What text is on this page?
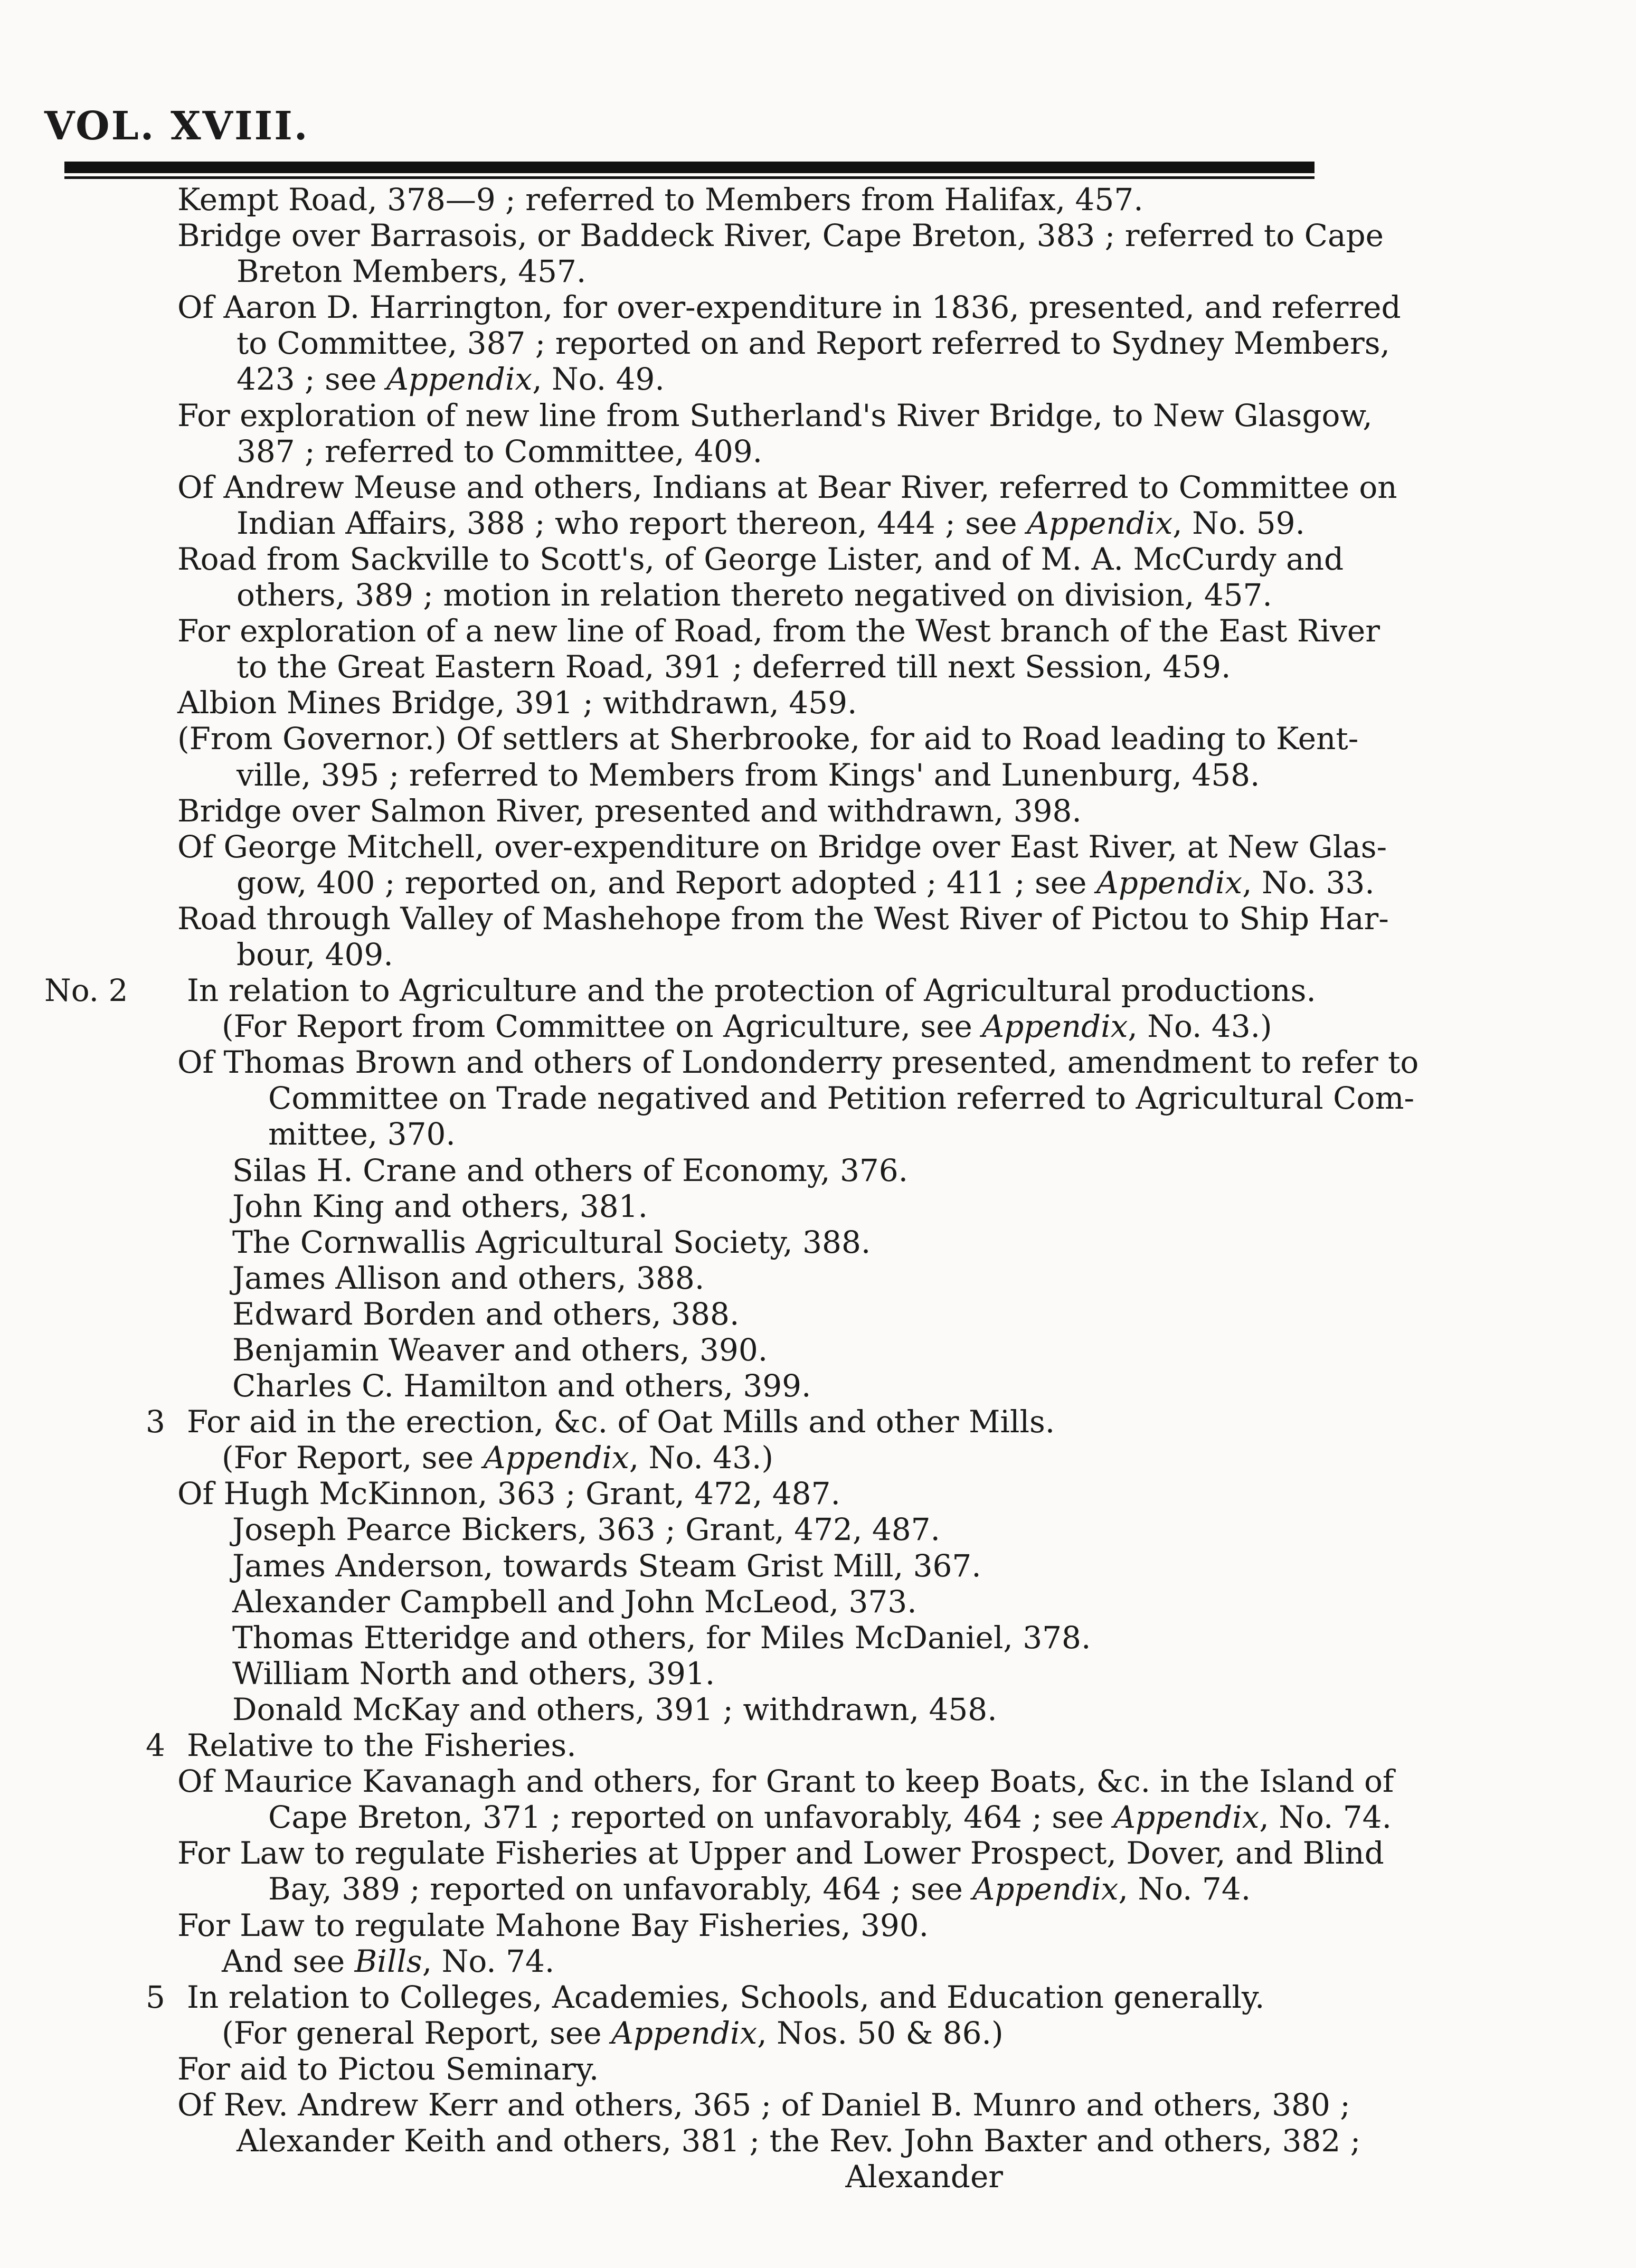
VOL. XVIII.
Kempt Road, 378—9 ; referred to Members from Halifax, 457.
Bridge over Barrasois, or Baddeck River, Cape Breton, 383 ; referred to Cape
Breton Members, 457.
Of Aaron D. Harrington, for over-expenditure in 1836, presented, and referred
to Committee, 387 ; reported on and Report referred to Sydney Members,
423 ; see Appendix, No. 49.
For exploration of new line from Sutherland's River Bridge, to New Glasgow,
387 ; referred to Committee, 409.
Of Andrew Meuse and others, Indians at Bear River, referred to Committee on
Indian Affairs, 388 ; who report thereon, 444 ; see Appendix, No. 59.
Road from Sackville to Scott's, of George Lister, and of M. A. McCurdy and
others, 389 ; motion in relation thereto negatived on division, 457.
For exploration of a new line of Road, from the West branch of the East River
to the Great Eastern Road, 391 ; deferred till next Session, 459.
Albion Mines Bridge, 391 ; withdrawn, 459.
(From Governor.) Of settlers at Sherbrooke, for aid to Road leading to Kent-
ville, 395 ; referred to Members from Kings' and Lunenburg, 458.
Bridge over Salmon River, presented and withdrawn, 398.
Of George Mitchell, over-expenditure on Bridge over East River, at New Glas-
gow, 400 ; reported on, and Report adopted ; 411 ; see Appendix, No. 33.
Road through Valley of Mashehope from the West River of Pictou to Ship Har-
bour, 409.
No. 2 In relation to Agriculture and the protection of Agricultural productions.
(For Report from Committee on Agriculture, see Appendix, No. 43.)
Of Thomas Brown and others of Londonderry presented, amendment to refer to
Committee on Trade negatived and Petition referred to Agricultural Com-
mittee, 370.
Silas H. Crane and others of Economy, 376.
John King and others, 381.
The Cornwallis Agricultural Society, 388.
James Allison and others, 388.
Edward Borden and others, 388.
Benjamin Weaver and others, 390.
Charles C. Hamilton and others, 399.
3 For aid in the erection, &c. of Oat Mills and other Mills.
(For Report, see Appendix, No. 43.)
Of Hugh McKinnon, 363 ; Grant, 472, 487.
Joseph Pearce Bickers, 363 ; Grant, 472, 487.
James Anderson, towards Steam Grist Mill, 367.
Alexander Campbell and John McLeod, 373.
Thomas Etteridge and others, for Miles McDaniel, 378.
William North and others, 391.
Donald McKay and others, 391 ; withdrawn, 458.
4 Relative to the Fisheries.
Of Maurice Kavanagh and others, for Grant to keep Boats, &c. in the Island of
Cape Breton, 371 ; reported on unfavorably, 464 ; see Appendix, No. 74.
For Law to regulate Fisheries at Upper and Lower Prospect, Dover, and Blind
Bay, 389 ; reported on unfavorably, 464 ; see Appendix, No. 74.
For Law to regulate Mahone Bay Fisheries, 390.
And see Bills, No. 74.
5 In relation to Colleges, Academies, Schools, and Education generally.
(For general Report, see Appendix, Nos. 50 & 86.)
For aid to Pictou Seminary.
Of Rev. Andrew Kerr and others, 365 ; of Daniel B. Munro and others, 380 ;
Alexander Keith and others, 381 ; the Rev. John Baxter and others, 382 ;
Alexander
